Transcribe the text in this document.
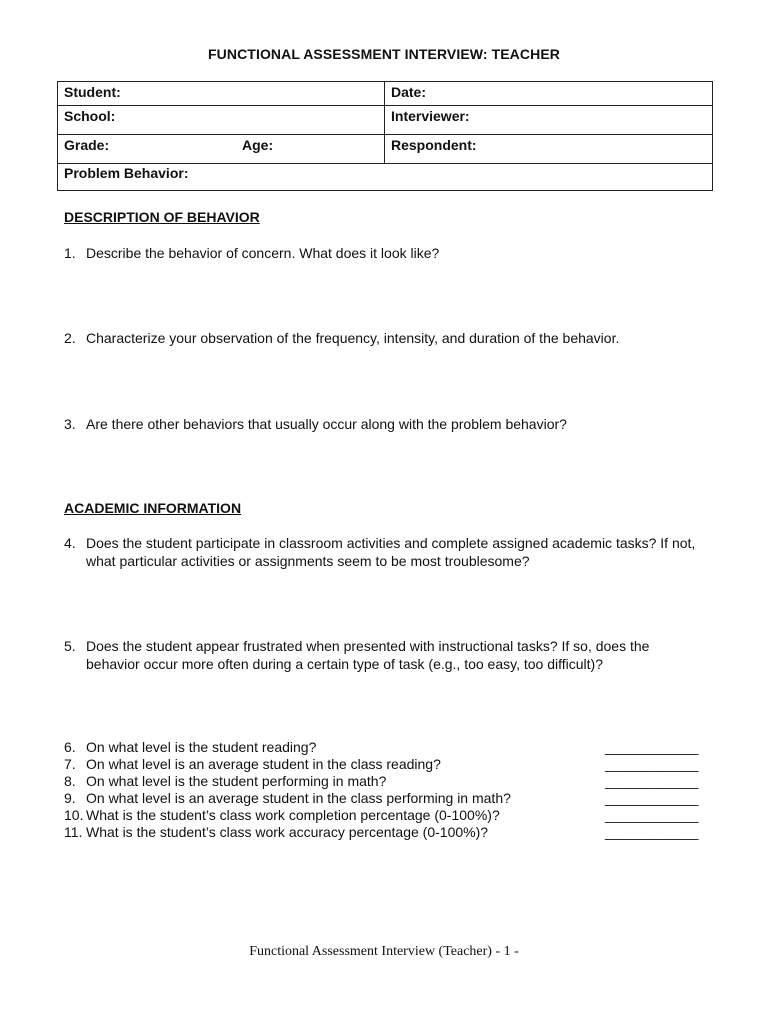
FUNCTIONAL ASSESSMENT INTERVIEW: TEACHER
Student:	Date:
School:	Interviewer:
Grade:	Age:	Respondent:
Problem Behavior:
DESCRIPTION OF BEHAVIOR
1. Describe the behavior of concern. What does it look like?
2. Characterize your observation of the frequency, intensity, and duration of the behavior.
3. Are there other behaviors that usually occur along with the problem behavior?
ACADEMIC INFORMATION
4. Does the student participate in classroom activities and complete assigned academic tasks? If not, what particular activities or assignments seem to be most troublesome?
5. Does the student appear frustrated when presented with instructional tasks? If so, does the behavior occur more often during a certain type of task (e.g., too easy, too difficult)?
6. On what level is the student reading?	____________
7. On what level is an average student in the class reading?	____________
8. On what level is the student performing in math?	____________
9. On what level is an average student in the class performing in math?	____________
10. What is the student’s class work completion percentage (0-100%)?	____________
11. What is the student’s class work accuracy percentage (0-100%)?	____________
Functional Assessment Interview (Teacher) - 1 -
